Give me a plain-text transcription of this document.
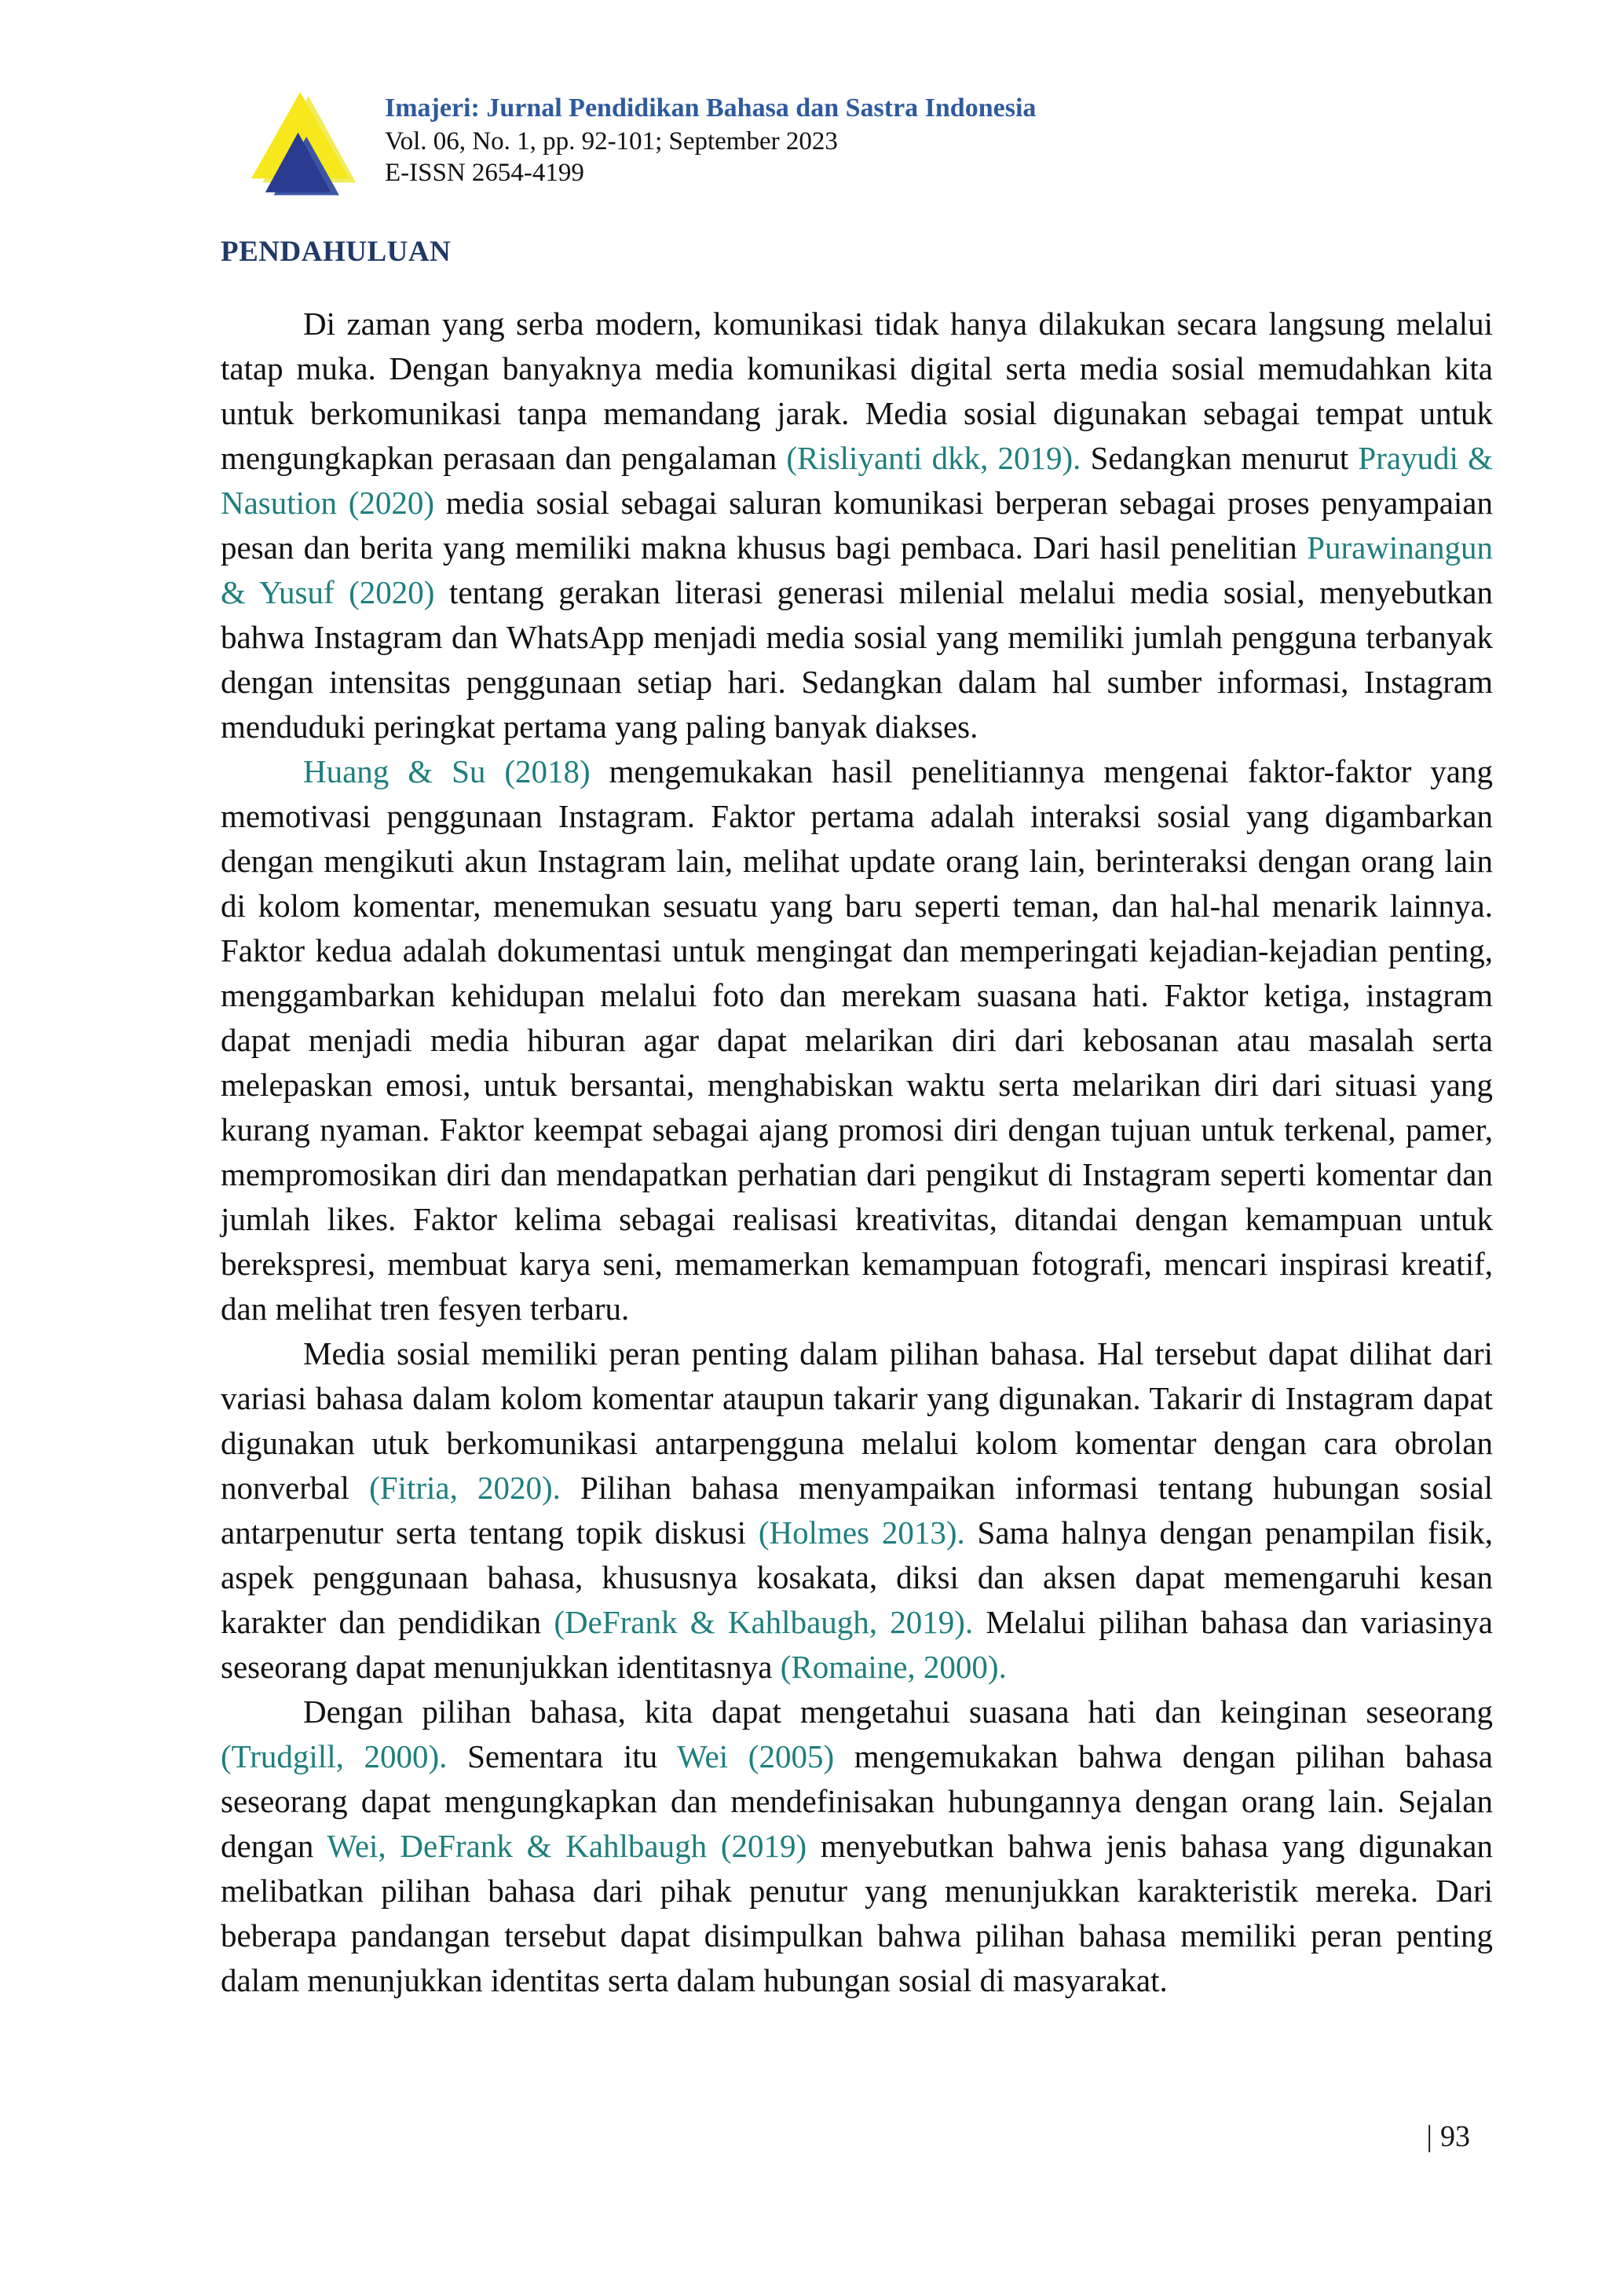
Imajeri: Jurnal Pendidikan Bahasa dan Sastra Indonesia
Vol. 06, No. 1, pp. 92-101; September 2023
E-ISSN 2654-4199
PENDAHULUAN

Di zaman yang serba modern, komunikasi tidak hanya dilakukan secara langsung melalui tatap muka. Dengan banyaknya media komunikasi digital serta media sosial memudahkan kita untuk berkomunikasi tanpa memandang jarak. Media sosial digunakan sebagai tempat untuk mengungkapkan perasaan dan pengalaman (Risliyanti dkk, 2019). Sedangkan menurut Prayudi & Nasution (2020) media sosial sebagai saluran komunikasi berperan sebagai proses penyampaian pesan dan berita yang memiliki makna khusus bagi pembaca. Dari hasil penelitian Purawinangun & Yusuf (2020) tentang gerakan literasi generasi milenial melalui media sosial, menyebutkan bahwa Instagram dan WhatsApp menjadi media sosial yang memiliki jumlah pengguna terbanyak dengan intensitas penggunaan setiap hari. Sedangkan dalam hal sumber informasi, Instagram menduduki peringkat pertama yang paling banyak diakses.

Huang & Su (2018) mengemukakan hasil penelitiannya mengenai faktor-faktor yang memotivasi penggunaan Instagram. Faktor pertama adalah interaksi sosial yang digambarkan dengan mengikuti akun Instagram lain, melihat update orang lain, berinteraksi dengan orang lain di kolom komentar, menemukan sesuatu yang baru seperti teman, dan hal-hal menarik lainnya. Faktor kedua adalah dokumentasi untuk mengingat dan memperingati kejadian-kejadian penting, menggambarkan kehidupan melalui foto dan merekam suasana hati. Faktor ketiga, instagram dapat menjadi media hiburan agar dapat melarikan diri dari kebosanan atau masalah serta melepaskan emosi, untuk bersantai, menghabiskan waktu serta melarikan diri dari situasi yang kurang nyaman. Faktor keempat sebagai ajang promosi diri dengan tujuan untuk terkenal, pamer, mempromosikan diri dan mendapatkan perhatian dari pengikut di Instagram seperti komentar dan jumlah likes. Faktor kelima sebagai realisasi kreativitas, ditandai dengan kemampuan untuk berekspresi, membuat karya seni, memamerkan kemampuan fotografi, mencari inspirasi kreatif, dan melihat tren fesyen terbaru.

Media sosial memiliki peran penting dalam pilihan bahasa. Hal tersebut dapat dilihat dari variasi bahasa dalam kolom komentar ataupun takarir yang digunakan. Takarir di Instagram dapat digunakan utuk berkomunikasi antarpengguna melalui kolom komentar dengan cara obrolan nonverbal (Fitria, 2020). Pilihan bahasa menyampaikan informasi tentang hubungan sosial antarpenutur serta tentang topik diskusi (Holmes 2013). Sama halnya dengan penampilan fisik, aspek penggunaan bahasa, khususnya kosakata, diksi dan aksen dapat memengaruhi kesan karakter dan pendidikan (DeFrank & Kahlbaugh, 2019). Melalui pilihan bahasa dan variasinya seseorang dapat menunjukkan identitasnya (Romaine, 2000).

Dengan pilihan bahasa, kita dapat mengetahui suasana hati dan keinginan seseorang (Trudgill, 2000). Sementara itu Wei (2005) mengemukakan bahwa dengan pilihan bahasa seseorang dapat mengungkapkan dan mendefinisakan hubungannya dengan orang lain. Sejalan dengan Wei, DeFrank & Kahlbaugh (2019) menyebutkan bahwa jenis bahasa yang digunakan melibatkan pilihan bahasa dari pihak penutur yang menunjukkan karakteristik mereka. Dari beberapa pandangan tersebut dapat disimpulkan bahwa pilihan bahasa memiliki peran penting dalam menunjukkan identitas serta dalam hubungan sosial di masyarakat.

| 93
